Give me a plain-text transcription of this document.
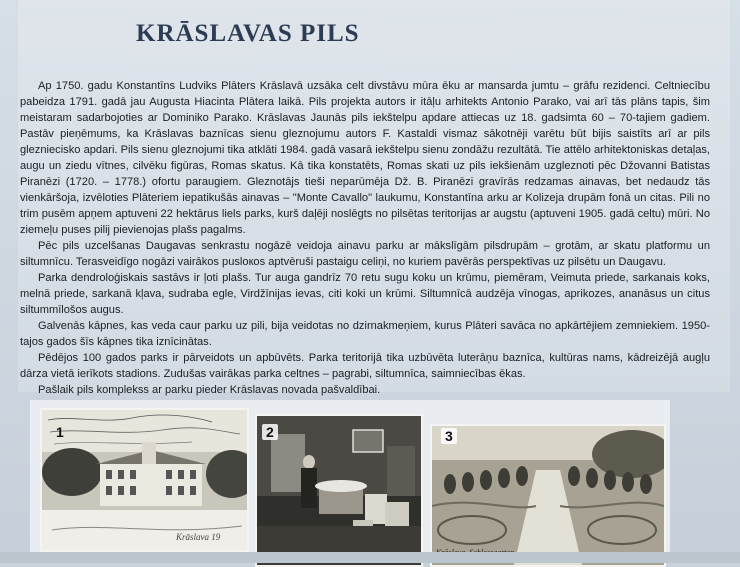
KRĀSLAVAS PILS

Ap 1750. gadu Konstantīns Ludviks Plāters Krāslavā uzsāka celt divstāvu mūra ēku ar mansarda jumtu – grāfu rezidenci. Celtniecību pabeidza 1791. gadā jau Augusta Hiacinta Plātera laikā. Pils projekta autors ir itāļu arhitekts Antonio Parako, vai arī tās plāns tapis, šim meistaram sadarbojoties ar Dominiko Parako. Krāslavas Jaunās pils iekštelpu apdare attiecas uz 18. gadsimta 60 – 70-tajiem gadiem. Pastāv pieņēmums, ka Krāslavas baznīcas sienu gleznojumu autors F. Kastaldi vismaz sākotnēji varētu būt bijis saistīts arī ar pils gleznieciskо apdari. Pils sienu gleznojumi tika atklāti 1984. gadā vasarā iekštelpu sienu zondāžu rezultātā. Tie attēlo arhitektoniskas detaļas, augu un ziedu vītnes, cilvēku figūras, Romas skatus. Kā tika konstatēts, Romas skati uz pils iekšienām uzgleznoti pēc Džovanni Batistas Piranēzi (1720. – 1778.) ofortu paraugiem. Gleznotājs tieši neparūmēja Dž. B. Piranēzi gravīrās redzamas ainavas, bet nedaudz tās vienkāršoja, izvēloties Plāteriem iepatikušās ainavas – "Monte Cavallo" laukumu, Konstantīna arku ar Kolizeja drupām fonā un citas. Pili no trim pusēm apņem aptuveni 22 hektārus liels parks, kurš daļēji noslēgts no pilsētas teritorijas ar augstu (aptuveni 1905. gadā celtu) mūri. No ziemeļu puses pilij pievienojas plašs pagalms.

Pēc pils uzcelšanas Daugavas senkrastu nogāzē veidoja ainavu parku ar mākslīgām pilsdrupām – grotām, ar skatu platformu un siltumnīcu. Terasveidīgo nogāzi vairākos pusloкos aptvēruši pastaigu celiņi, no kuriem pavērās perspektīvas uz pilsētu un Daugavu.

Parka dendroloģiskais sastāvs ir ļoti plašs. Tur auga gandrīz 70 retu sugu koku un krūmu, piemēram, Veimuta priede, sarkanais koks, melnā priede, sarkanā kļava, sudraba egle, Virdžīnijas ievas, citi koki un krūmi. Siltumnīcā audzēja vīnogas, aprikozes, ananāsus un citus siltummīlošos augus.

Galvenās kāpnes, kas veda caur parku uz pili, bija veidotas no dzirnakmeņiem, kurus Plāteri savāca no apkārtējiem zemniekiem. 1950-tajos gados šīs kāpnes tika iznīcinātas.

Pēdējos 100 gados parks ir pārveidots un apbūvēts. Parka teritorijā tika uzbūvēta luterāņu baznīca, kultūras nams, kādreizējā augļu dārza vietā ierīkots stadions. Zudušas vairākas parka celtnes – pagrabi, siltumnīca, saimniecības ēkas.

Pašlaik pils komplekss ar parku pieder Krāslavas novada pašvaldībai.

1
Krāslava 19
2	3
